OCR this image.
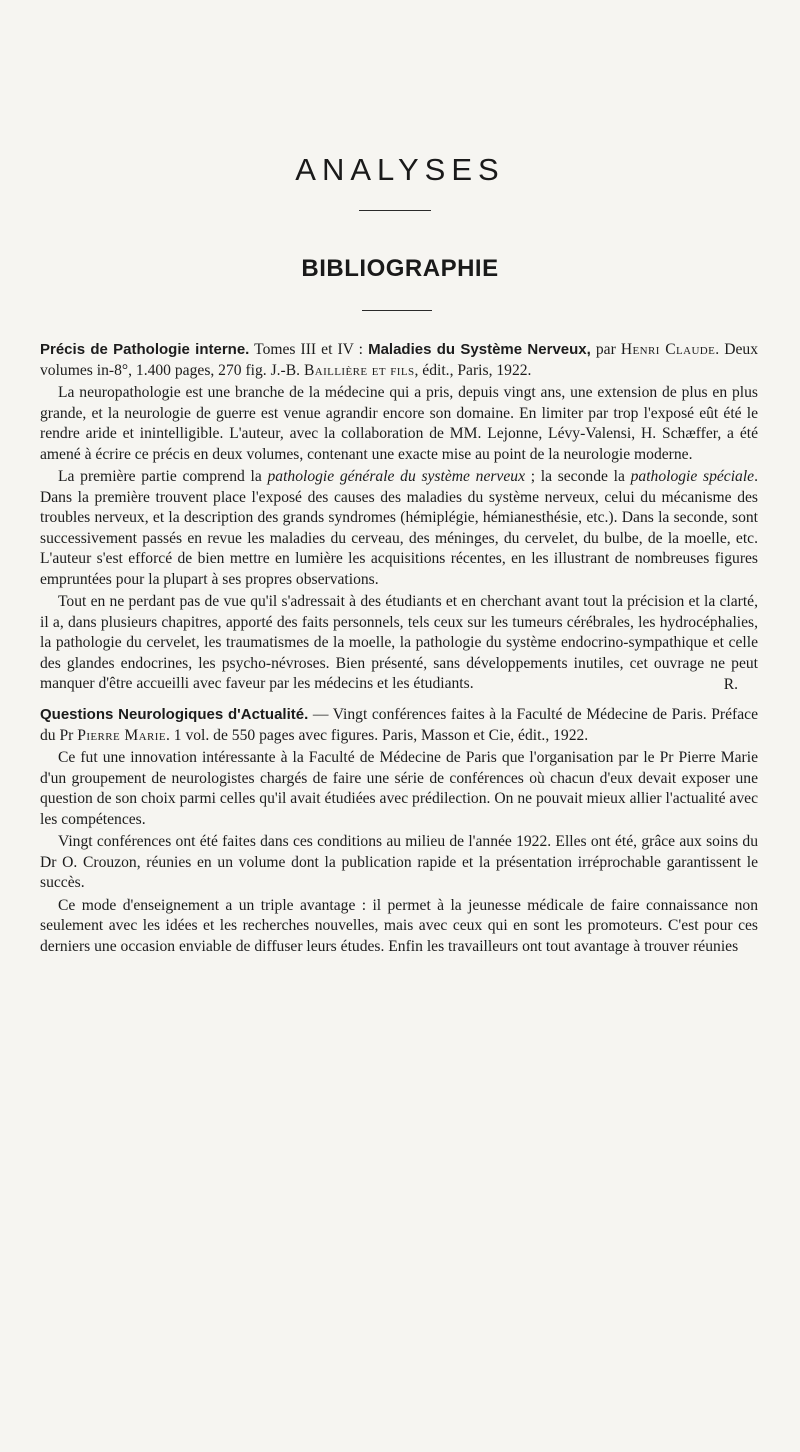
ANALYSES
BIBLIOGRAPHIE

Précis de Pathologie interne. Tomes III et IV : Maladies du Système Nerveux, par Henri Claude. Deux volumes in-8°, 1.400 pages, 270 fig. J.-B. Baillière et fils, édit., Paris, 1922.

La neuropathologie est une branche de la médecine qui a pris, depuis vingt ans, une extension de plus en plus grande, et la neurologie de guerre est venue agrandir encore son domaine. En limiter par trop l'exposé eût été le rendre aride et inintelligible. L'auteur, avec la collaboration de MM. Lejonne, Lévy-Valensi, H. Schæffer, a été amené à écrire ce précis en deux volumes, contenant une exacte mise au point de la neurologie moderne.

La première partie comprend la pathologie générale du système nerveux ; la seconde la pathologie spéciale. Dans la première trouvent place l'exposé des causes des maladies du système nerveux, celui du mécanisme des troubles nerveux, et la description des grands syndromes (hémiplégie, hémianesthésie, etc.). Dans la seconde, sont successivement passés en revue les maladies du cerveau, des méninges, du cervelet, du bulbe, de la moelle, etc. L'auteur s'est efforcé de bien mettre en lumière les acquisitions récentes, en les illustrant de nombreuses figures empruntées pour la plupart à ses propres observations.

Tout en ne perdant pas de vue qu'il s'adressait à des étudiants et en cherchant avant tout la précision et la clarté, il a, dans plusieurs chapitres, apporté des faits personnels, tels ceux sur les tumeurs cérébrales, les hydrocéphalies, la pathologie du cervelet, les traumatismes de la moelle, la pathologie du système endocrino-sympathique et celle des glandes endocrines, les psycho-névroses. Bien présenté, sans développements inutiles, cet ouvrage ne peut manquer d'être accueilli avec faveur par les médecins et les étudiants.	R.

Questions Neurologiques d'Actualité. — Vingt conférences faites à la Faculté de Médecine de Paris. Préface du Pr Pierre Marie. 1 vol. de 550 pages avec figures. Paris, Masson et Cie, édit., 1922.

Ce fut une innovation intéressante à la Faculté de Médecine de Paris que l'organisation par le Pr Pierre Marie d'un groupement de neurologistes chargés de faire une série de conférences où chacun d'eux devait exposer une question de son choix parmi celles qu'il avait étudiées avec prédilection. On ne pouvait mieux allier l'actualité avec les compétences.

Vingt conférences ont été faites dans ces conditions au milieu de l'année 1922. Elles ont été, grâce aux soins du Dr O. Crouzon, réunies en un volume dont la publication rapide et la présentation irréprochable garantissent le succès.

Ce mode d'enseignement a un triple avantage : il permet à la jeunesse médicale de faire connaissance non seulement avec les idées et les recherches nouvelles, mais avec ceux qui en sont les promoteurs. C'est pour ces derniers une occasion enviable de diffuser leurs études. Enfin les travailleurs ont tout avantage à trouver réunies
